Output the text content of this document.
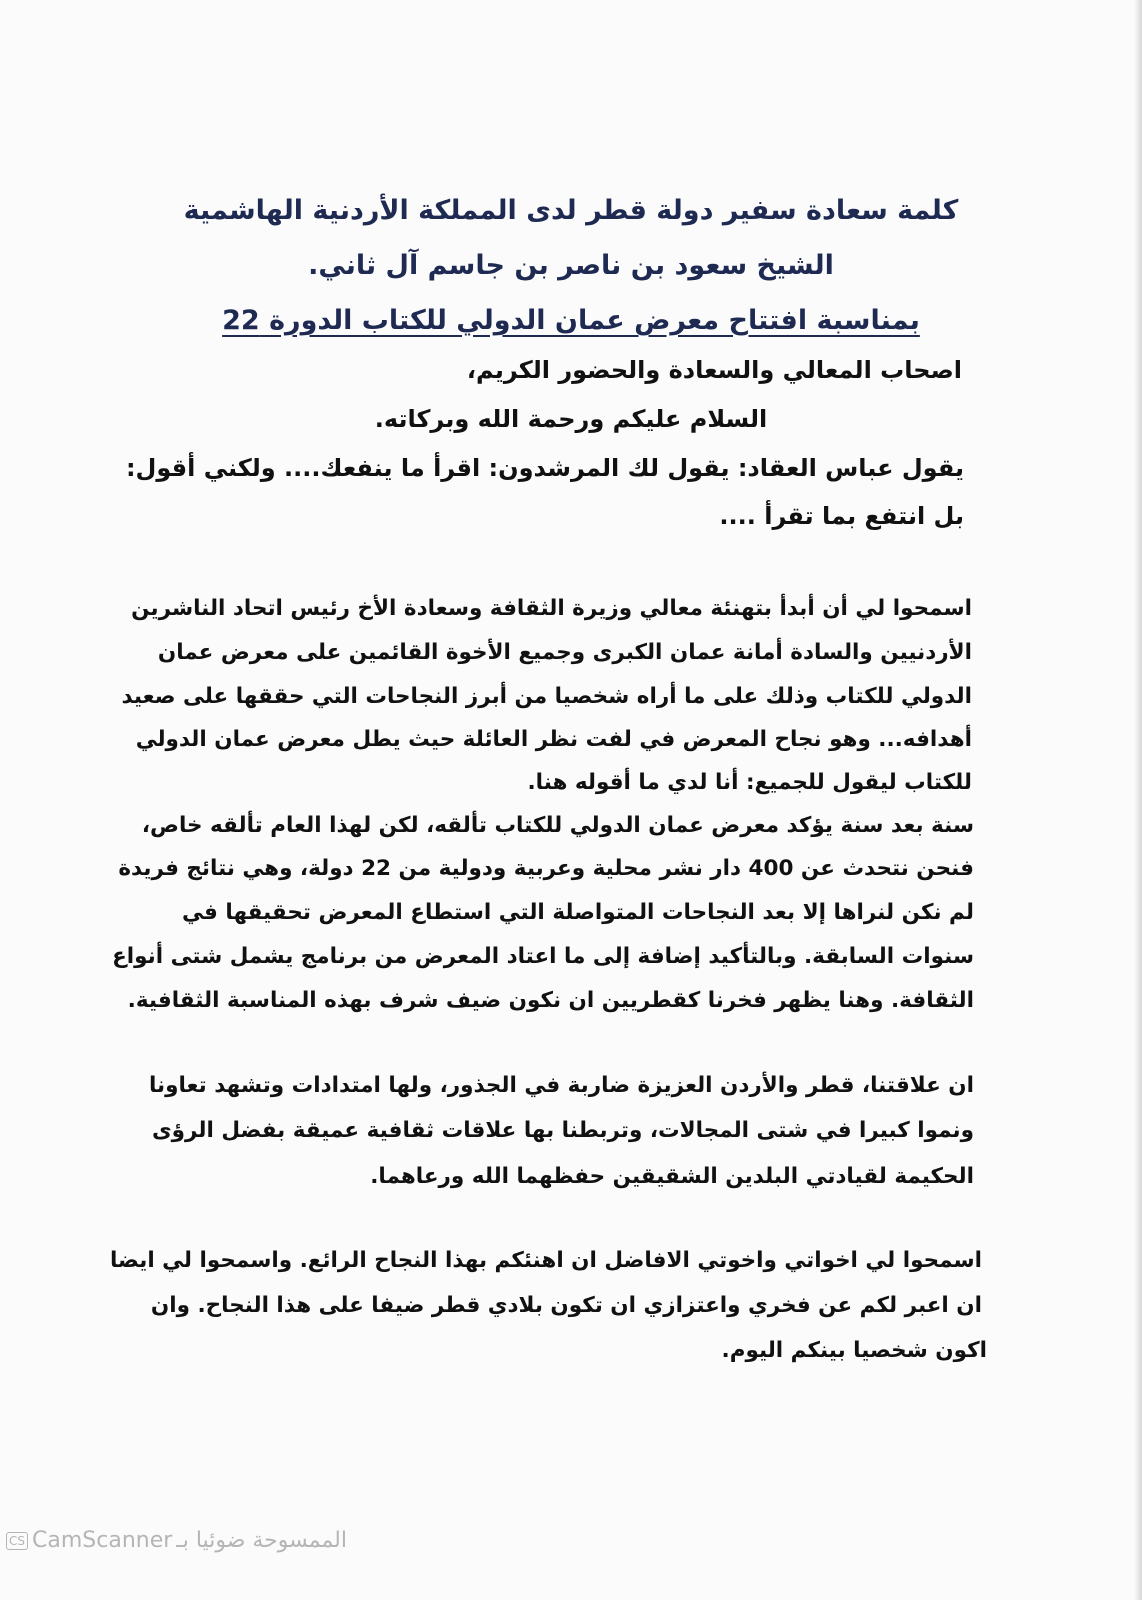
كلمة سعادة سفير دولة قطر لدى المملكة الأردنية الهاشمية
الشيخ سعود بن ناصر بن جاسم آل ثاني.
بمناسبة افتتاح معرض عمان الدولي للكتاب الدورة 22
اصحاب المعالي والسعادة والحضور الكريم،
السلام عليكم ورحمة الله وبركاته.
يقول عباس العقاد: يقول لك المرشدون: اقرأ ما ينفعك.... ولكني أقول:
بل انتفع بما تقرأ ....
اسمحوا لي أن أبدأ بتهنئة معالي وزيرة الثقافة وسعادة الأخ رئيس اتحاد الناشرين
الأردنيين والسادة أمانة عمان الكبرى وجميع الأخوة القائمين على معرض عمان
الدولي للكتاب وذلك على ما أراه شخصيا من أبرز النجاحات التي حققها على صعيد
أهدافه... وهو نجاح المعرض في لفت نظر العائلة حيث يطل معرض عمان الدولي
للكتاب ليقول للجميع: أنا لدي ما أقوله هنا.
سنة بعد سنة يؤكد معرض عمان الدولي للكتاب تألقه، لكن لهذا العام تألقه خاص،
فنحن نتحدث عن 400 دار نشر محلية وعربية ودولية من 22 دولة، وهي نتائج فريدة
لم نكن لنراها إلا بعد النجاحات المتواصلة التي استطاع المعرض تحقيقها في
سنوات السابقة. وبالتأكيد إضافة إلى ما اعتاد المعرض من برنامج يشمل شتى أنواع
الثقافة. وهنا يظهر فخرنا كقطريين ان نكون ضيف شرف بهذه المناسبة الثقافية.
ان علاقتنا، قطر والأردن العزيزة ضاربة في الجذور، ولها امتدادات وتشهد تعاونا
ونموا كبيرا في شتى المجالات، وتربطنا بها علاقات ثقافية عميقة بفضل الرؤى
الحكيمة لقيادتي البلدين الشقيقين حفظهما الله ورعاهما.
اسمحوا لي اخواتي واخوتي الافاضل ان اهنئكم بهذا النجاح الرائع. واسمحوا لي ايضا
ان اعبر لكم عن فخري واعتزازي ان تكون بلادي قطر ضيفا على هذا النجاح. وان
اكون شخصيا بينكم اليوم.
CS CamScanner الممسوحة ضوئيا بـ
